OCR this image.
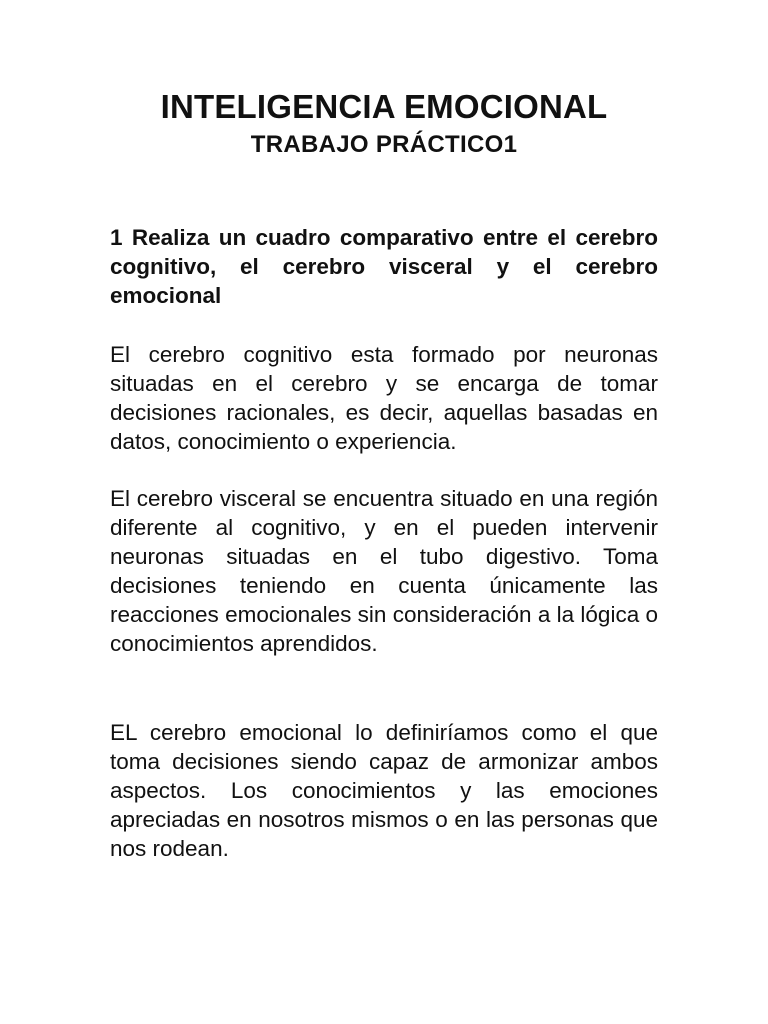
INTELIGENCIA EMOCIONAL
TRABAJO PRÁCTICO1
1 Realiza un cuadro comparativo entre el cerebro cognitivo, el cerebro visceral y el cerebro emocional
El cerebro cognitivo esta formado por neuronas situadas en el cerebro y se encarga de tomar decisiones racionales, es decir, aquellas basadas en datos, conocimiento o experiencia.
El cerebro visceral se encuentra situado en una región diferente al cognitivo, y en el pueden intervenir neuronas situadas en el tubo digestivo. Toma decisiones teniendo en cuenta únicamente las reacciones emocionales sin consideración a la lógica o conocimientos aprendidos.
EL cerebro emocional lo definiríamos como el que toma decisiones siendo capaz de armonizar ambos aspectos. Los conocimientos y las emociones apreciadas en nosotros mismos o en las personas que nos rodean.
